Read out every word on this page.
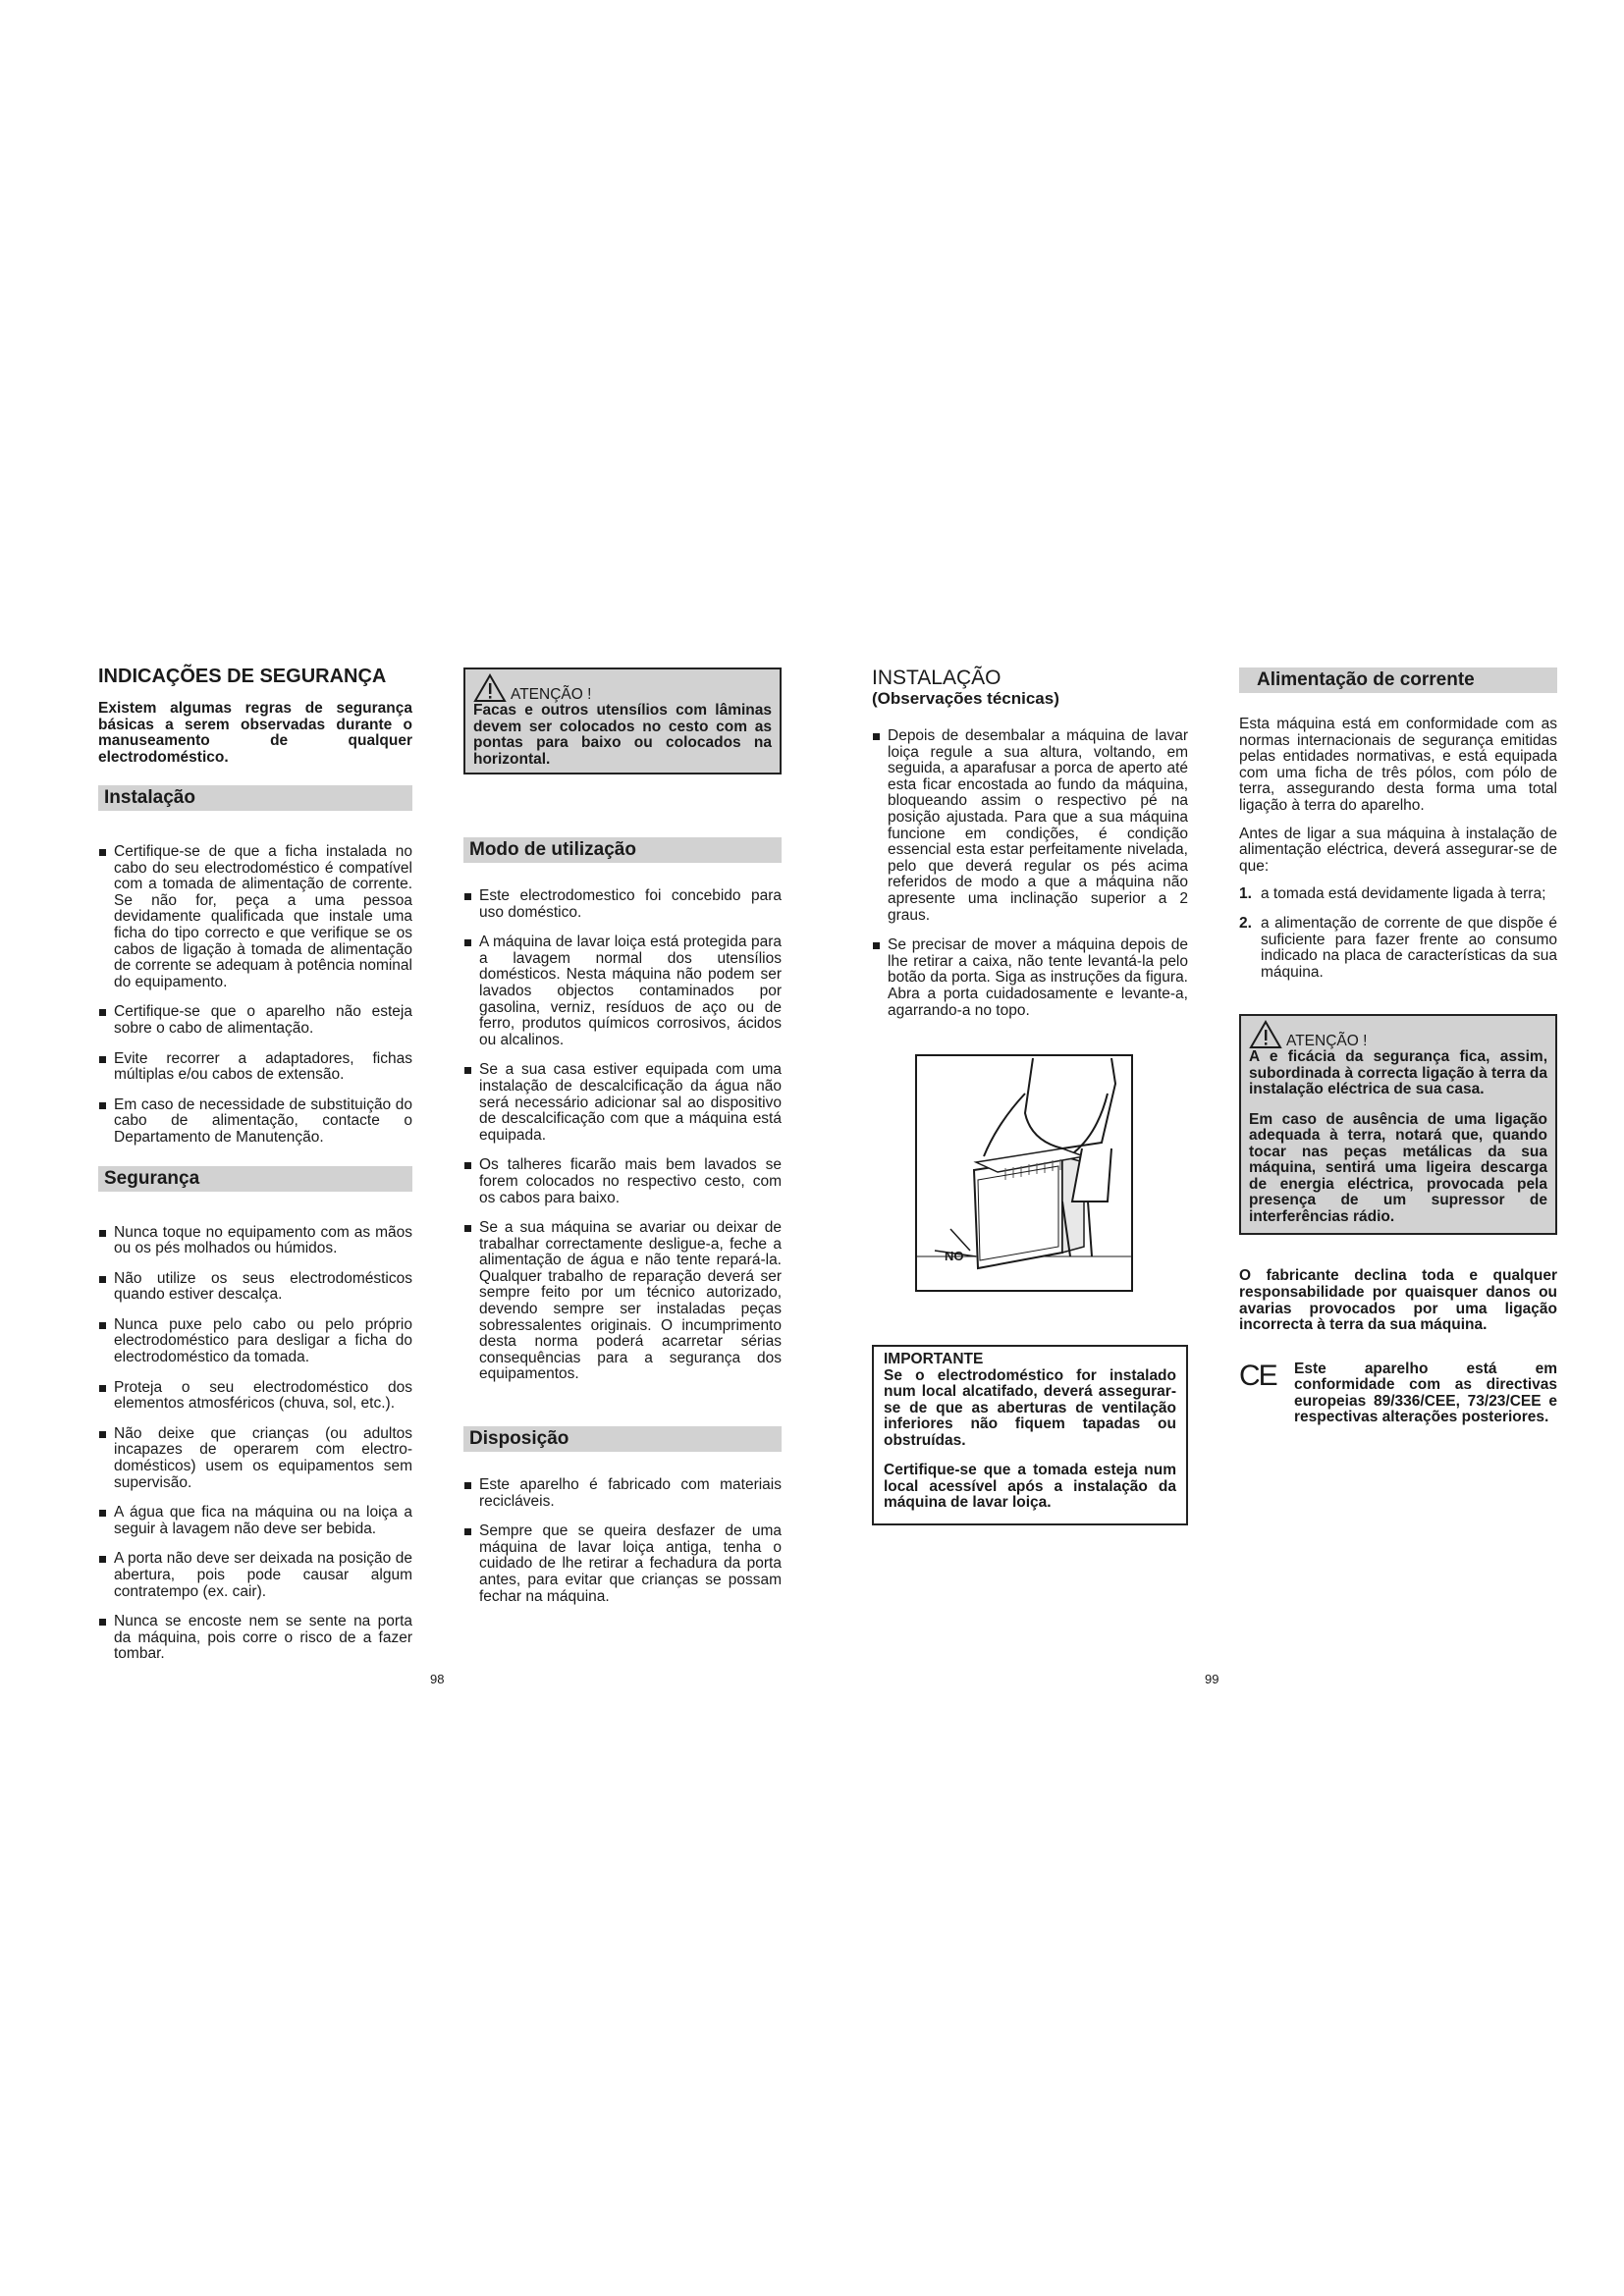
INDICAÇÕES DE SEGURANÇA

Existem algumas regras de segurança básicas a serem observadas durante o manuseamento de qualquer electrodoméstico.

Instalação
Certifique-se de que a ficha instalada no cabo do seu electrodoméstico é compatível com a tomada de alimentação de corrente. Se não for, peça a uma pessoa devidamente qualificada que instale uma ficha do tipo correcto e que verifique se os cabos de ligação à tomada de alimentação de corrente se adequam à potência nominal do equipamento.
Certifique-se que o aparelho não esteja sobre o cabo de alimentação.
Evite recorrer a adaptadores, fichas múltiplas e/ou cabos de extensão.
Em caso de necessidade de substituição do cabo de alimentação, contacte o Departamento de Manutenção.
Segurança
Nunca toque no equipamento com as mãos ou os pés molhados ou húmidos.
Não utilize os seus electrodomésticos quando estiver descalça.
Nunca puxe pelo cabo ou pelo próprio electrodoméstico para desligar a ficha do electrodoméstico da tomada.
Proteja o seu electrodoméstico dos elementos atmosféricos (chuva, sol, etc.).
Não deixe que crianças (ou adultos incapazes de operarem com electro-domésticos) usem os equipamentos sem supervisão.
A água que fica na máquina ou na loiça a seguir à lavagem não deve ser bebida.
A porta não deve ser deixada na posição de abertura, pois pode causar algum contratempo (ex. cair).
Nunca se encoste nem se sente na porta da máquina, pois corre o risco de a fazer tombar.
ATENÇÃO !

Facas e outros utensílios com lâminas devem ser colocados no cesto com as pontas para baixo ou colocados na horizontal.

Modo de utilização
Este electrodomestico foi concebido para uso doméstico.
A máquina de lavar loiça está protegida para a lavagem normal dos utensílios domésticos. Nesta máquina não podem ser lavados objectos contaminados por gasolina, verniz, resíduos de aço ou de ferro, produtos químicos corrosivos, ácidos ou alcalinos.
Se a sua casa estiver equipada com uma instalação de descalcificação da água não será necessário adicionar sal ao dispositivo de descalcificação com que a máquina está equipada.
Os talheres ficarão mais bem lavados se forem colocados no respectivo cesto, com os cabos para baixo.
Se a sua máquina se avariar ou deixar de trabalhar correctamente desligue-a, feche a alimentação de água e não tente repará-la. Qualquer trabalho de reparação deverá ser sempre feito por um técnico autorizado, devendo sempre ser instaladas peças sobressalentes originais. O incumprimento desta norma poderá acarretar sérias consequências para a segurança dos equipamentos.
Disposição
Este aparelho é fabricado com materiais recicláveis.
Sempre que se queira desfazer de uma máquina de lavar loiça antiga, tenha o cuidado de lhe retirar a fechadura da porta antes, para evitar que crianças se possam fechar na máquina.
98
INSTALAÇÃO
(Observações técnicas)
Depois de desembalar a máquina de lavar loiça regule a sua altura, voltando, em seguida, a aparafusar a porca de aperto até esta ficar encostada ao fundo da máquina, bloqueando assim o respectivo pé na posição ajustada. Para que a sua máquina funcione em condições, é condição essencial esta estar perfeitamente nivelada, pelo que deverá regular os pés acima referidos de modo a que a máquina não apresente uma inclinação superior a 2 graus.
Se precisar de mover a máquina depois de lhe retirar a caixa, não tente levantá-la pelo botão da porta. Siga as instruções da figura. Abra a porta cuidadosamente e levante-a, agarrando-a no topo.
NO
IMPORTANTE

Se o electrodoméstico for instalado num local alcatifado, deverá assegurar-se de que as aberturas de ventilação inferiores não fiquem tapadas ou obstruídas.

Certifique-se que a tomada esteja num local acessível após a instalação da máquina de lavar loiça.

Alimentação de corrente

Esta máquina está em conformidade com as normas internacionais de segurança emitidas pelas entidades normativas, e está equipada com uma ficha de três pólos, com pólo de terra, assegurando desta forma uma total ligação à terra do aparelho.

Antes de ligar a sua máquina à instalação de alimentação eléctrica, deverá assegurar-se de que:

1. a tomada está devidamente ligada à terra;
2. a alimentação de corrente de que dispõe é suficiente para fazer frente ao consumo indicado na placa de características da sua máquina.
ATENÇÃO !

A e ficácia da segurança fica, assim, subordinada à correcta ligação à terra da instalação eléctrica de sua casa.

Em caso de ausência de uma ligação adequada à terra, notará que, quando tocar nas peças metálicas da sua máquina, sentirá uma ligeira descarga de energia eléctrica, provocada pela presença de um supressor de interferências rádio.

O fabricante declina toda e qualquer responsabilidade por quaisquer danos ou avarias provocados por uma ligação incorrecta à terra da sua máquina.

CE	Este aparelho está em conformidade com as directivas europeias 89/336/CEE, 73/23/CEE e respectivas alterações posteriores.

99
